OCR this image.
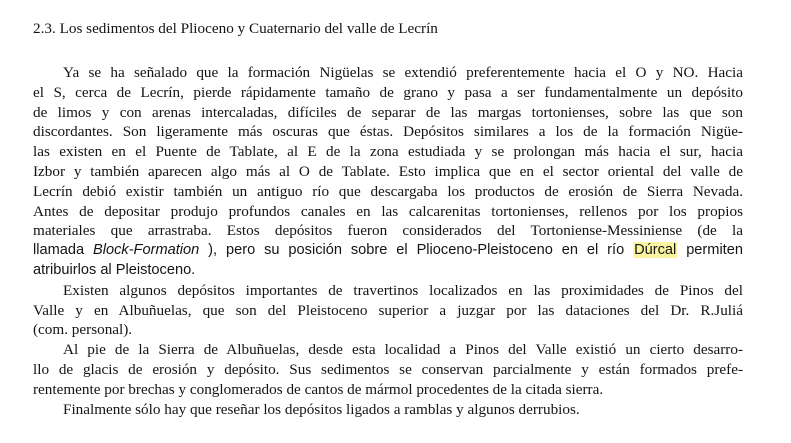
2.3. Los sedimentos del Plioceno y Cuaternario del valle de Lecrín
Ya se ha señalado que la formación Nigüelas se extendió preferentemente hacia el O y NO. Hacia
el S, cerca de Lecrín, pierde rápidamente tamaño de grano y pasa a ser fundamentalmente un depósito
de limos y con arenas intercaladas, difíciles de separar de las margas tortonienses, sobre las que son
discordantes. Son ligeramente más oscuras que éstas. Depósitos similares a los de la formación Nigüe-
las existen en el Puente de Tablate, al E de la zona estudiada y se prolongan más hacia el sur, hacia
Izbor y también aparecen algo más al O de Tablate. Esto implica que en el sector oriental del valle de
Lecrín debió existir también un antiguo río que descargaba los productos de erosión de Sierra Nevada.
Antes de depositar produjo profundos canales en las calcarenitas tortonienses, rellenos por los propios
materiales que arrastraba. Estos depósitos fueron considerados del Tortoniense-Messiniense (de la
llamada Block-Formation ), pero su posición sobre el Plioceno-Pleistoceno en el río Dúrcal permiten
atribuirlos al Pleistoceno.
Existen algunos depósitos importantes de travertinos localizados en las proximidades de Pinos del
Valle y en Albuñuelas, que son del Pleistoceno superior a juzgar por las dataciones del Dr. R.Juliá
(com. personal).
Al pie de la Sierra de Albuñuelas, desde esta localidad a Pinos del Valle existió un cierto desarro-
llo de glacis de erosión y depósito. Sus sedimentos se conservan parcialmente y están formados prefe-
rentemente por brechas y conglomerados de cantos de mármol procedentes de la citada sierra.
Finalmente sólo hay que reseñar los depósitos ligados a ramblas y algunos derrubios.
